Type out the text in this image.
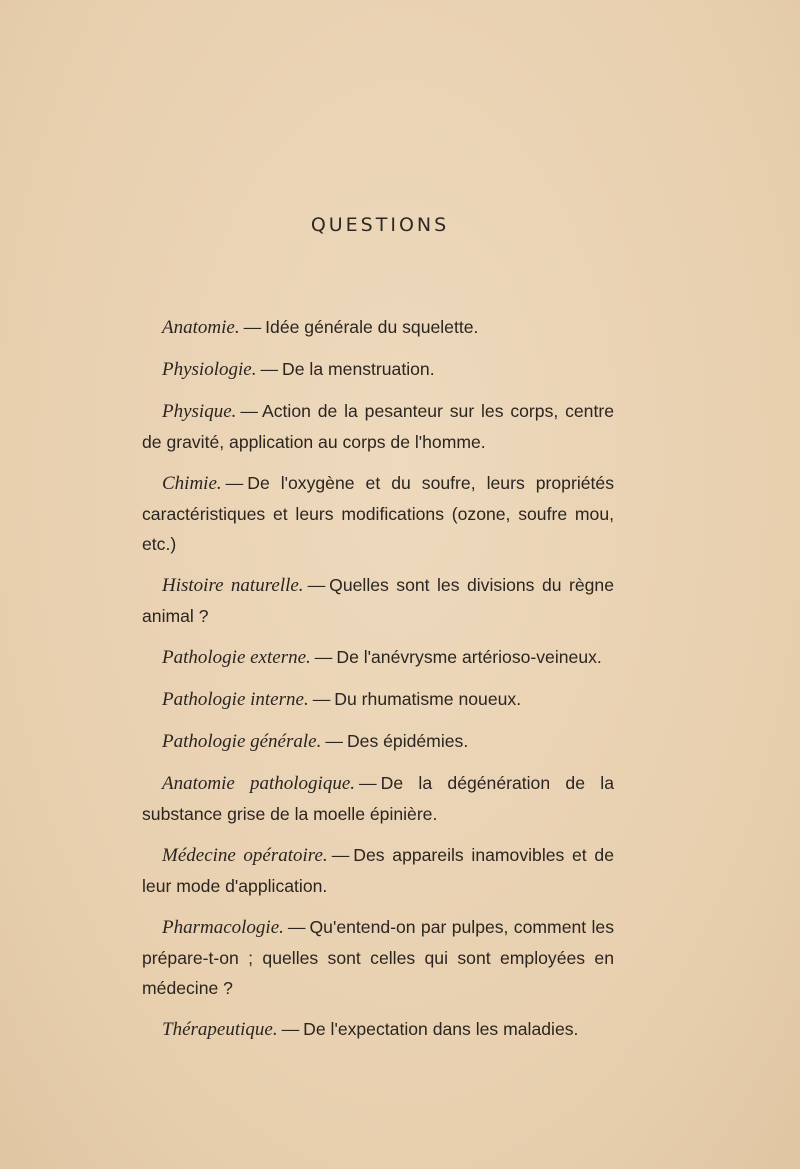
QUESTIONS

Anatomie. — Idée générale du squelette.

Physiologie. — De la menstruation.

Physique. — Action de la pesanteur sur les corps, centre de gravité, application au corps de l'homme.

Chimie. — De l'oxygène et du soufre, leurs propriétés caractéristiques et leurs modifications (ozone, soufre mou, etc.)

Histoire naturelle. — Quelles sont les divisions du règne animal ?

Pathologie externe. — De l'anévrysme artérioso-veineux.

Pathologie interne. — Du rhumatisme noueux.

Pathologie générale. — Des épidémies.

Anatomie pathologique. — De la dégénération de la substance grise de la moelle épinière.

Médecine opératoire. — Des appareils inamovibles et de leur mode d'application.

Pharmacologie. — Qu'entend-on par pulpes, comment les prépare-t-on ; quelles sont celles qui sont employées en médecine ?

Thérapeutique. — De l'expectation dans les maladies.
